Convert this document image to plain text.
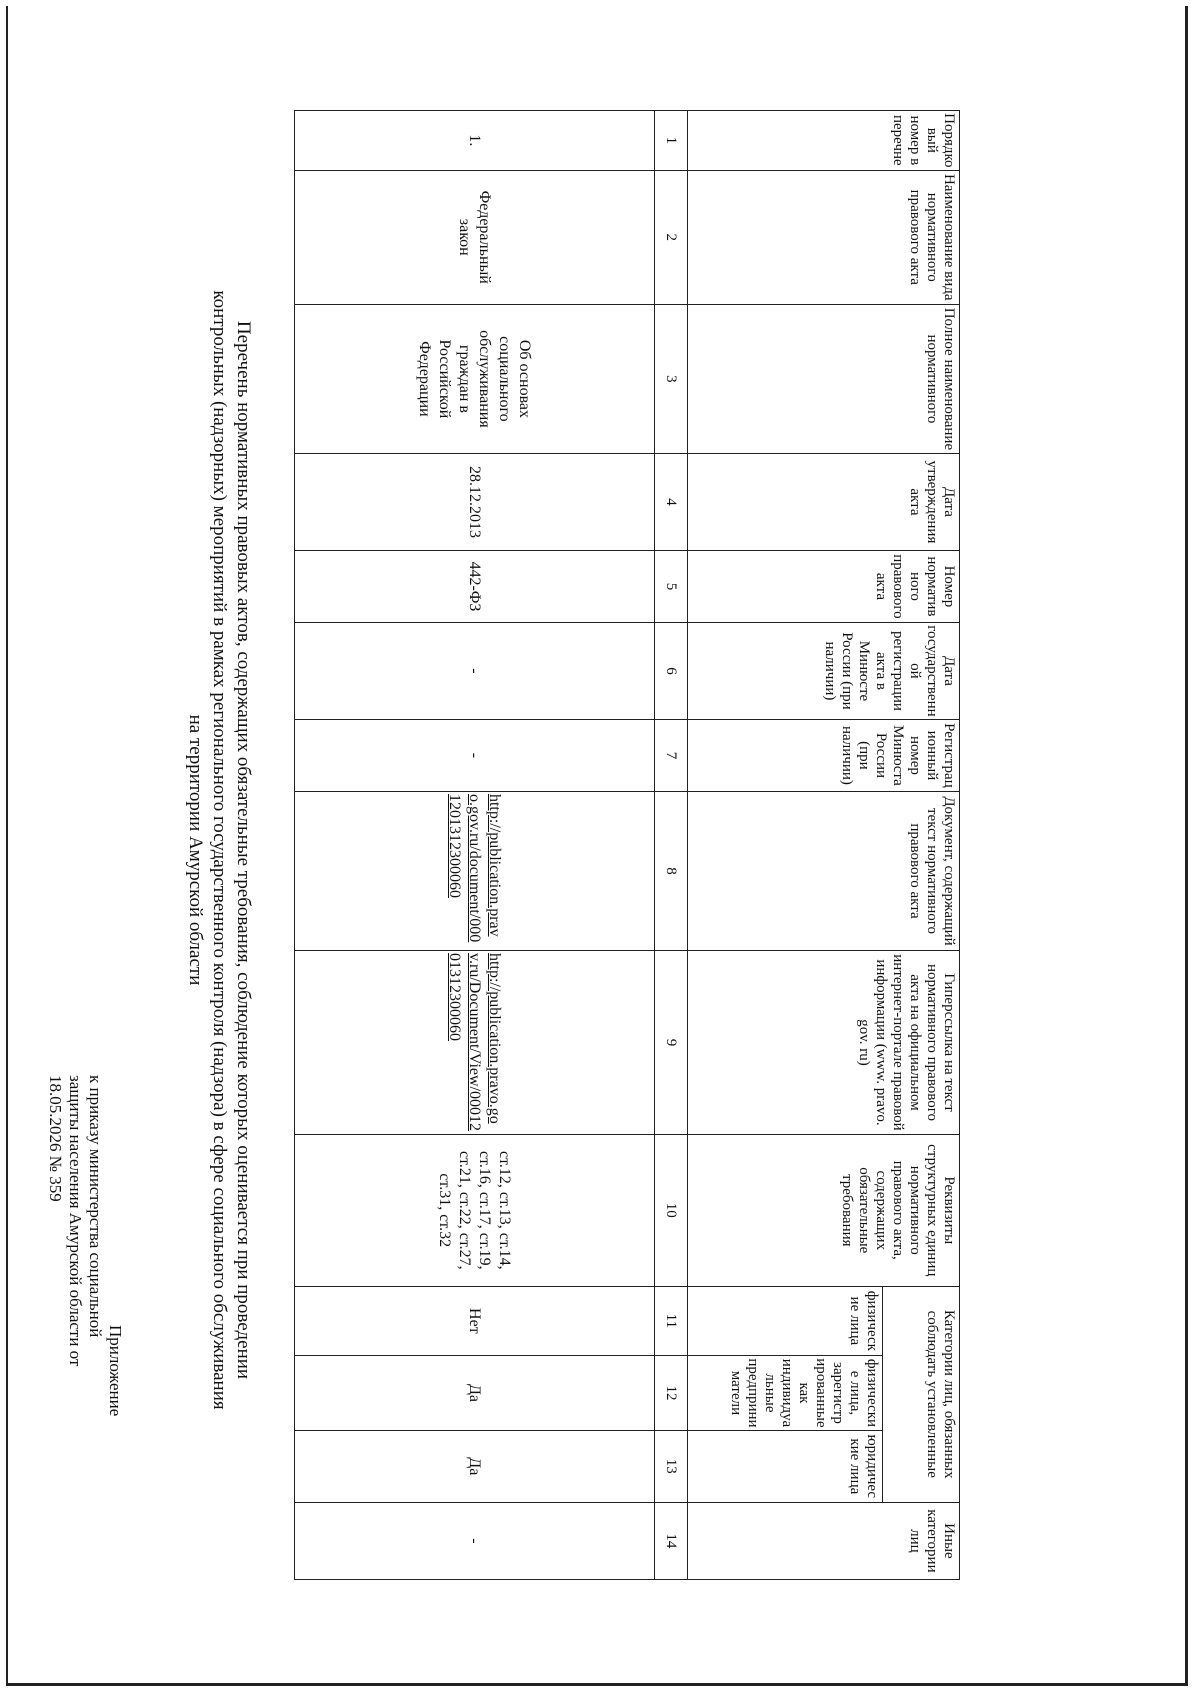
Приложение
к приказу министерства социальной
защиты населения Амурской области от
18.05.2026 № 359	Перечень нормативных правовых актов, содержащих обязательные требования, соблюдение которых оценивается при проведении
контрольных (надзорных) мероприятий в рамках регионального государственного контроля (надзора) в сфере социального обслуживания
на территории Амурской области
Порядковый номер в перечне	Наименование вида нормативного правового акта	Полное наименование нормативного	Дата утверждения акта	Номер нормативного правового акта	Дата государственной регистрации акта в Минюсте России (при наличии)	Регистрационный номер Минюста России (при наличии)	Документ, содержащий текст нормативного правового акта	Гиперссылка на текст нормативного правового акта на официальном интернет-портале правовой информации (www. pravo. gov. ru)	Реквизиты структурных единиц нормативного правового акта, содержащих обязательные требования	Категории лиц, обязанных соблюдать установленные			Иные категории лиц
										физические лица	физические лица, зарегистрированные как индивидуальные предприниматели	юридические лица	
1	2	3	4	5	6	7	8	9	10	11	12	13	14
1.	Федеральный закон	Об основах социального обслуживания граждан в Российской Федерации	28.12.2013	442-ФЗ	-	-	http://publication.pravo.gov.ru/document/0001201312300060	http://publication.pravo.gov.ru/Document/View/0001201312300060	ст.12, ст.13, ст.14, ст.16, ст.17, ст.19, ст.21, ст.22, ст.27, ст.31, ст.32	Нет	Да	Да	-
